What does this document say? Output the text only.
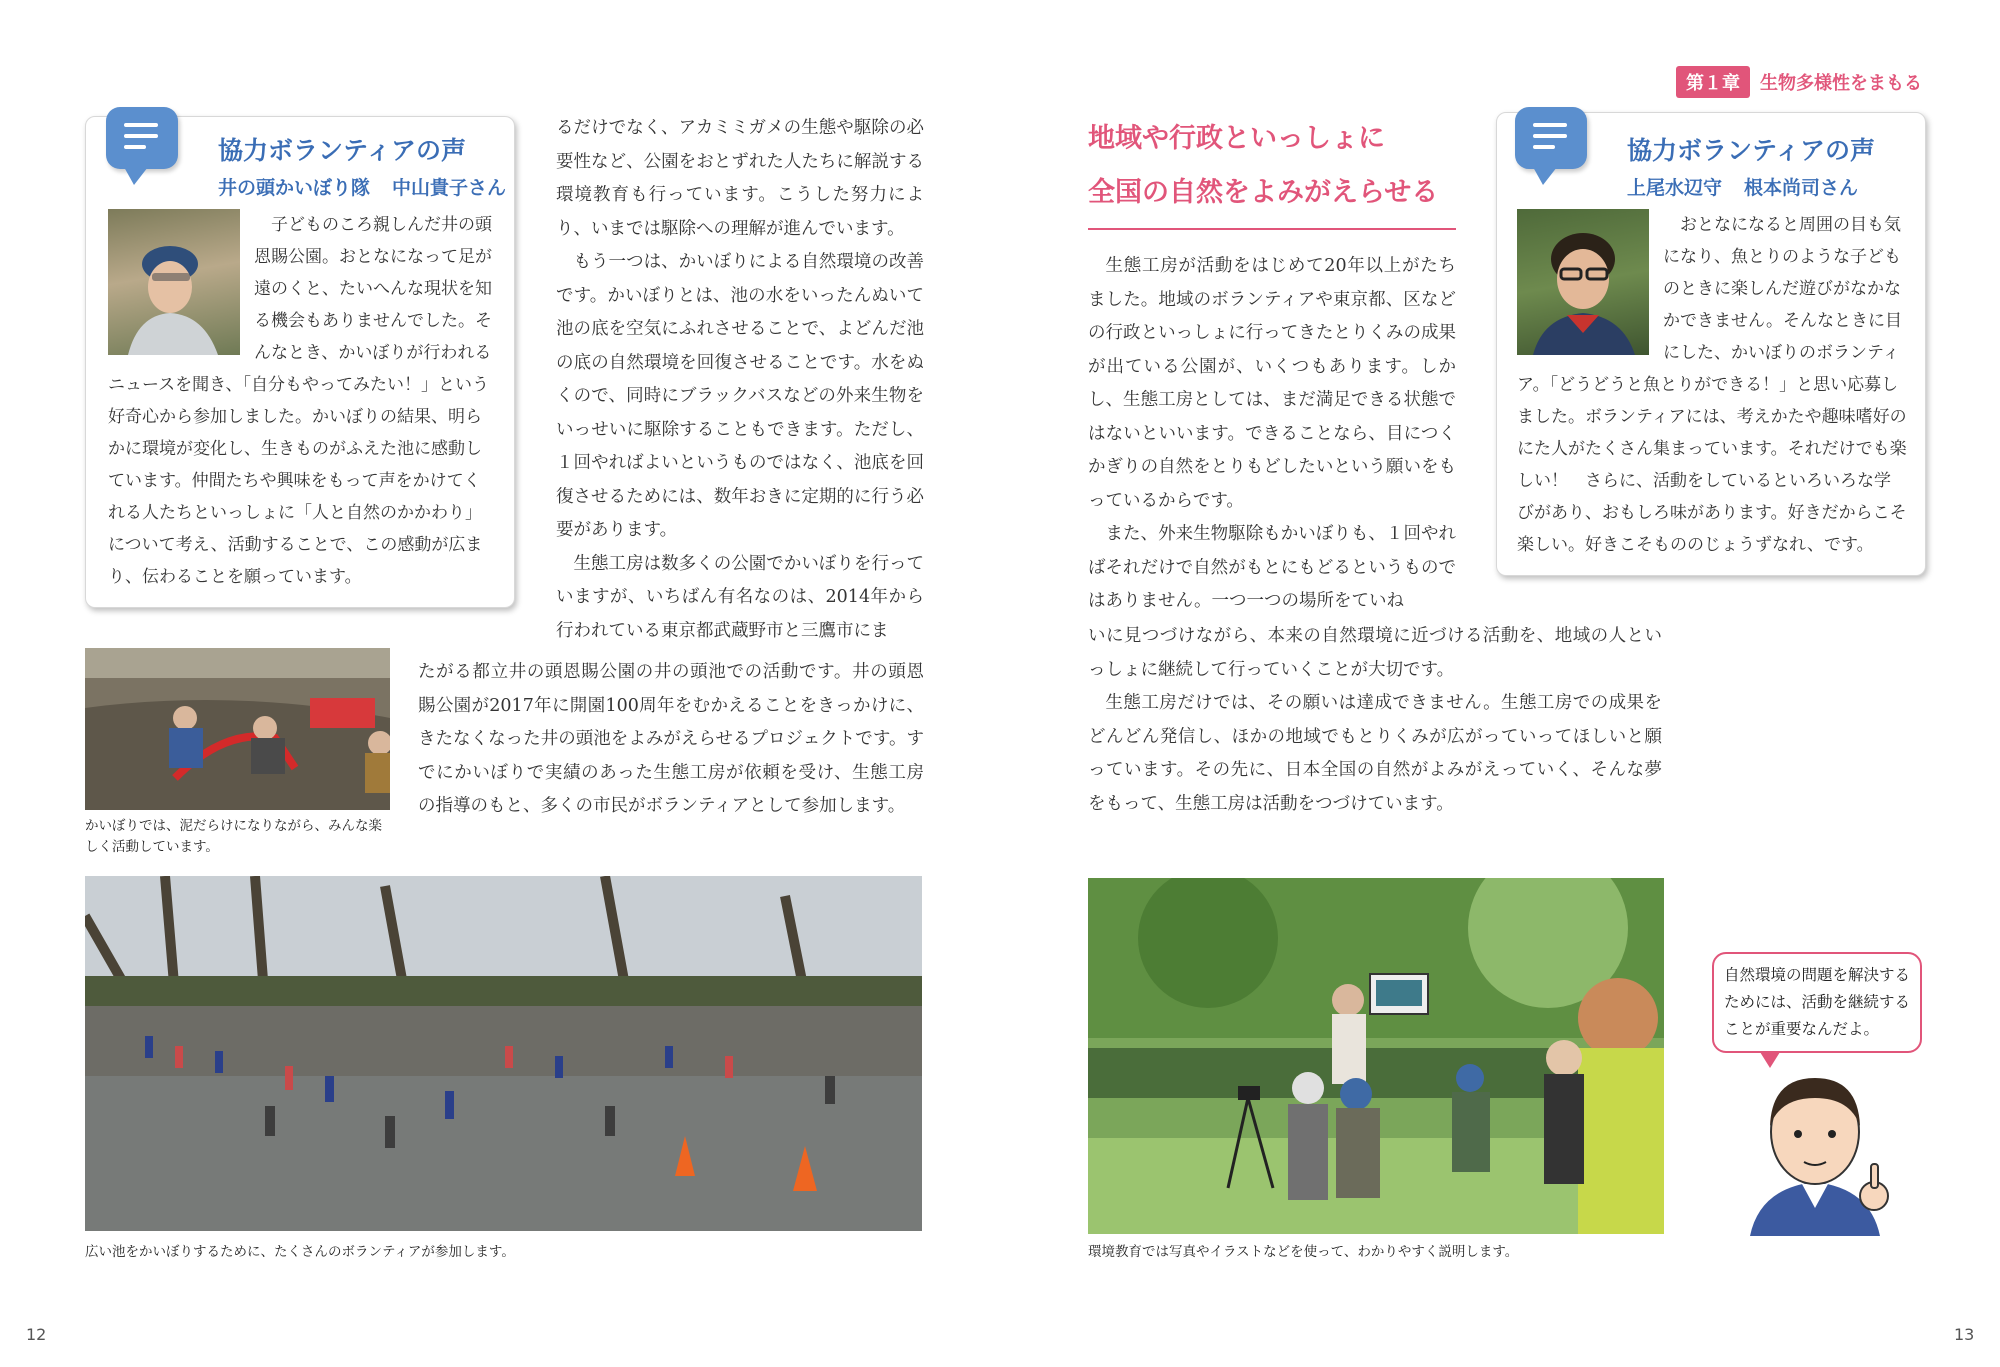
第１章	生物多様性をまもる
協力ボランティアの声
井の頭かいぼり隊 中山貴子さん
子どものころ親しんだ井の頭恩賜公園。おとなになって足が遠のくと、たいへんな現状を知る機会もありませんでした。そんなとき、かいぼりが行われるニュースを聞き、「自分もやってみたい！」という好奇心から参加しました。かいぼりの結果、明らかに環境が変化し、生きものがふえた池に感動しています。仲間たちや興味をもって声をかけてくれる人たちといっしょに「人と自然のかかわり」について考え、活動することで、この感動が広まり、伝わることを願っています。

るだけでなく、アカミミガメの生態や駆除の必要性など、公園をおとずれた人たちに解説する環境教育も行っています。こうした努力により、いまでは駆除への理解が進んでいます。

もう一つは、かいぼりによる自然環境の改善です。かいぼりとは、池の水をいったんぬいて池の底を空気にふれさせることで、よどんだ池の底の自然環境を回復させることです。水をぬくので、同時にブラックバスなどの外来生物をいっせいに駆除することもできます。ただし、１回やればよいというものではなく、池底を回復させるためには、数年おきに定期的に行う必要があります。

生態工房は数多くの公園でかいぼりを行っていますが、いちばん有名なのは、2014年から行われている東京都武蔵野市と三鷹市にま

たがる都立井の頭恩賜公園の井の頭池での活動です。井の頭恩賜公園が2017年に開園100周年をむかえることをきっかけに、きたなくなった井の頭池をよみがえらせるプロジェクトです。すでにかいぼりで実績のあった生態工房が依頼を受け、生態工房の指導のもと、多くの市民がボランティアとして参加します。

かいぼりでは、泥だらけになりながら、みんな楽しく活動しています。
広い池をかいぼりするために、たくさんのボランティアが参加します。
12
地域や行政といっしょに
全国の自然をよみがえらせる

生態工房が活動をはじめて20年以上がたちました。地域のボランティアや東京都、区などの行政といっしょに行ってきたとりくみの成果が出ている公園が、いくつもあります。しかし、生態工房としては、まだ満足できる状態ではないといいます。できることなら、目につくかぎりの自然をとりもどしたいという願いをもっているからです。

また、外来生物駆除もかいぼりも、１回やればそれだけで自然がもとにもどるというものではありません。一つ一つの場所をていね

いに見つづけながら、本来の自然環境に近づける活動を、地域の人といっしょに継続して行っていくことが大切です。

生態工房だけでは、その願いは達成できません。生態工房での成果をどんどん発信し、ほかの地域でもとりくみが広がっていってほしいと願っています。その先に、日本全国の自然がよみがえっていく、そんな夢をもって、生態工房は活動をつづけています。

協力ボランティアの声
上尾水辺守 根本尚司さん
おとなになると周囲の目も気になり、魚とりのような子どものときに楽しんだ遊びがなかなかできません。そんなときに目にした、かいぼりのボランティア。「どうどうと魚とりができる！」と思い応募しました。ボランティアには、考えかたや趣味嗜好のにた人がたくさん集まっています。それだけでも楽しい！　さらに、活動をしているといろいろな学びがあり、おもしろ味があります。好きだからこそ楽しい。好きこそもののじょうずなれ、です。
環境教育では写真やイラストなどを使って、わかりやすく説明します。
自然環境の問題を解決するためには、活動を継続することが重要なんだよ。
13
